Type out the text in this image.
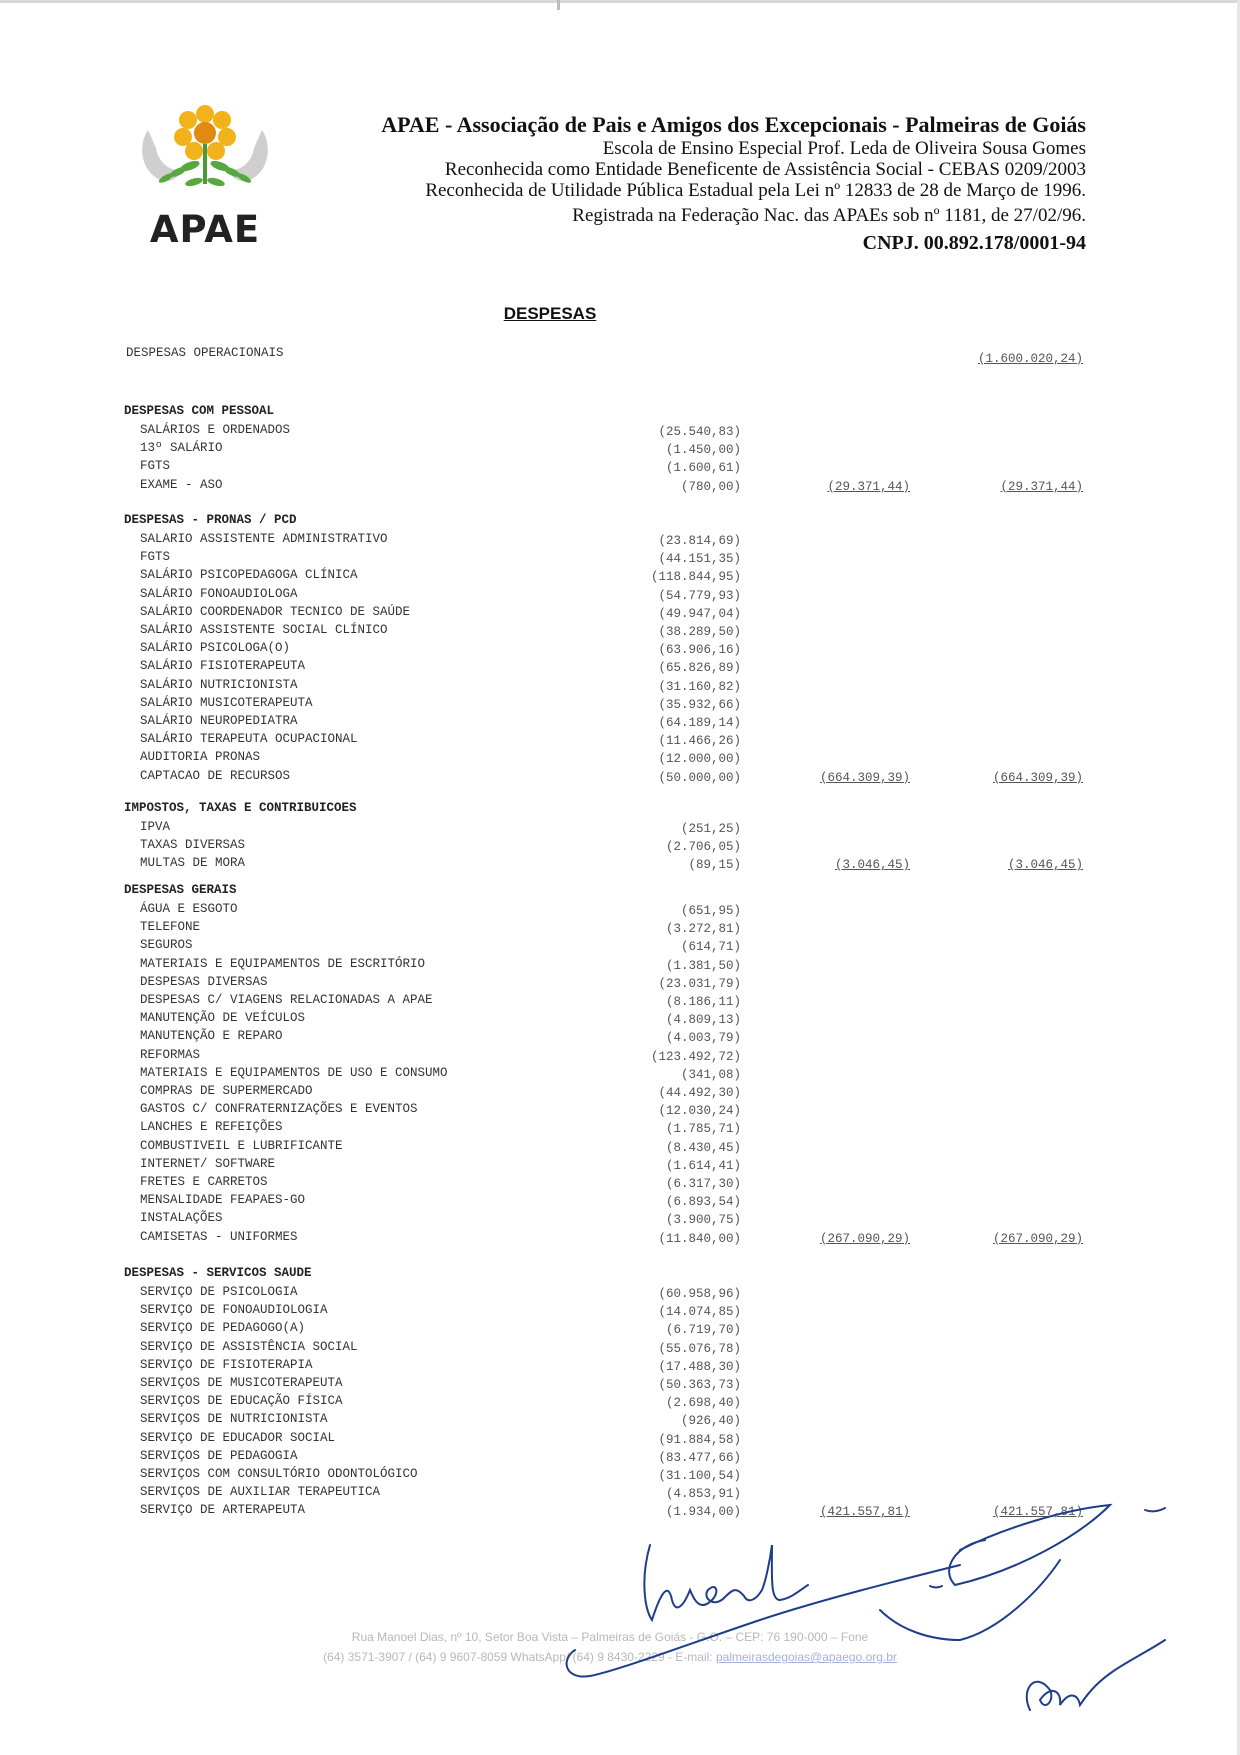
APAE
APAE - Associação de Pais e Amigos dos Excepcionais - Palmeiras de Goiás
Escola de Ensino Especial Prof. Leda de Oliveira Sousa Gomes
Reconhecida como Entidade Beneficente de Assistência Social - CEBAS 0209/2003
Reconhecida de Utilidade Pública Estadual pela Lei nº 12833 de 28 de Março de 1996.
Registrada na Federação Nac. das APAEs sob nº 1181, de 27/02/96.
CNPJ. 00.892.178/0001-94
DESPESAS
DESPESAS OPERACIONAIS	(1.600.020,24)
DESPESAS COM PESSOAL
SALÁRIOS E ORDENADOS	(25.540,83)
13º SALÁRIO	(1.450,00)
FGTS	(1.600,61)
EXAME - ASO	(780,00)	(29.371,44)	(29.371,44)
DESPESAS - PRONAS / PCD
SALARIO ASSISTENTE ADMINISTRATIVO	(23.814,69)
FGTS	(44.151,35)
SALÁRIO PSICOPEDAGOGA CLÍNICA	(118.844,95)
SALÁRIO FONOAUDIOLOGA	(54.779,93)
SALÁRIO COORDENADOR TECNICO DE SAÚDE	(49.947,04)
SALÁRIO ASSISTENTE SOCIAL CLÍNICO	(38.289,50)
SALÁRIO PSICOLOGA(O)	(63.906,16)
SALÁRIO FISIOTERAPEUTA	(65.826,89)
SALÁRIO NUTRICIONISTA	(31.160,82)
SALÁRIO MUSICOTERAPEUTA	(35.932,66)
SALÁRIO NEUROPEDIATRA	(64.189,14)
SALÁRIO TERAPEUTA OCUPACIONAL	(11.466,26)
AUDITORIA PRONAS	(12.000,00)
CAPTACAO DE RECURSOS	(50.000,00)	(664.309,39)	(664.309,39)
IMPOSTOS, TAXAS E CONTRIBUICOES
IPVA	(251,25)
TAXAS DIVERSAS	(2.706,05)
MULTAS DE MORA	(89,15)	(3.046,45)	(3.046,45)
DESPESAS GERAIS
ÁGUA E ESGOTO	(651,95)
TELEFONE	(3.272,81)
SEGUROS	(614,71)
MATERIAIS E EQUIPAMENTOS DE ESCRITÓRIO	(1.381,50)
DESPESAS DIVERSAS	(23.031,79)
DESPESAS C/ VIAGENS RELACIONADAS A APAE	(8.186,11)
MANUTENÇÃO DE VEÍCULOS	(4.809,13)
MANUTENÇÃO E REPARO	(4.003,79)
REFORMAS	(123.492,72)
MATERIAIS E EQUIPAMENTOS DE USO E CONSUMO	(341,08)
COMPRAS DE SUPERMERCADO	(44.492,30)
GASTOS C/ CONFRATERNIZAÇÕES E EVENTOS	(12.030,24)
LANCHES E REFEIÇÕES	(1.785,71)
COMBUSTIVEIL E LUBRIFICANTE	(8.430,45)
INTERNET/ SOFTWARE	(1.614,41)
FRETES E CARRETOS	(6.317,30)
MENSALIDADE FEAPAES-GO	(6.893,54)
INSTALAÇÕES	(3.900,75)
CAMISETAS - UNIFORMES	(11.840,00)	(267.090,29)	(267.090,29)
DESPESAS - SERVICOS SAUDE
SERVIÇO DE PSICOLOGIA	(60.958,96)
SERVIÇO DE FONOAUDIOLOGIA	(14.074,85)
SERVIÇO DE PEDAGOGO(A)	(6.719,70)
SERVIÇO DE ASSISTÊNCIA SOCIAL	(55.076,78)
SERVIÇO DE FISIOTERAPIA	(17.488,30)
SERVIÇOS DE MUSICOTERAPEUTA	(50.363,73)
SERVIÇOS DE EDUCAÇÃO FÍSICA	(2.698,40)
SERVIÇOS DE NUTRICIONISTA	(926,40)
SERVIÇO DE EDUCADOR SOCIAL	(91.884,58)
SERVIÇOS DE PEDAGOGIA	(83.477,66)
SERVIÇOS COM CONSULTÓRIO ODONTOLÓGICO	(31.100,54)
SERVIÇOS DE AUXILIAR TERAPEUTICA	(4.853,91)
SERVIÇO DE ARTERAPEUTA	(1.934,00)	(421.557,81)	(421.557,81)
Rua Manoel Dias, nº 10, Setor Boa Vista – Palmeiras de Goiás - G.O. – CEP: 76 190-000 – Fone
(64) 3571-3907 / (64) 9 9607-8059 WhatsApp/ (64) 9 8430-2229 - E-mail: palmeirasdegoias@apaego.org.br
